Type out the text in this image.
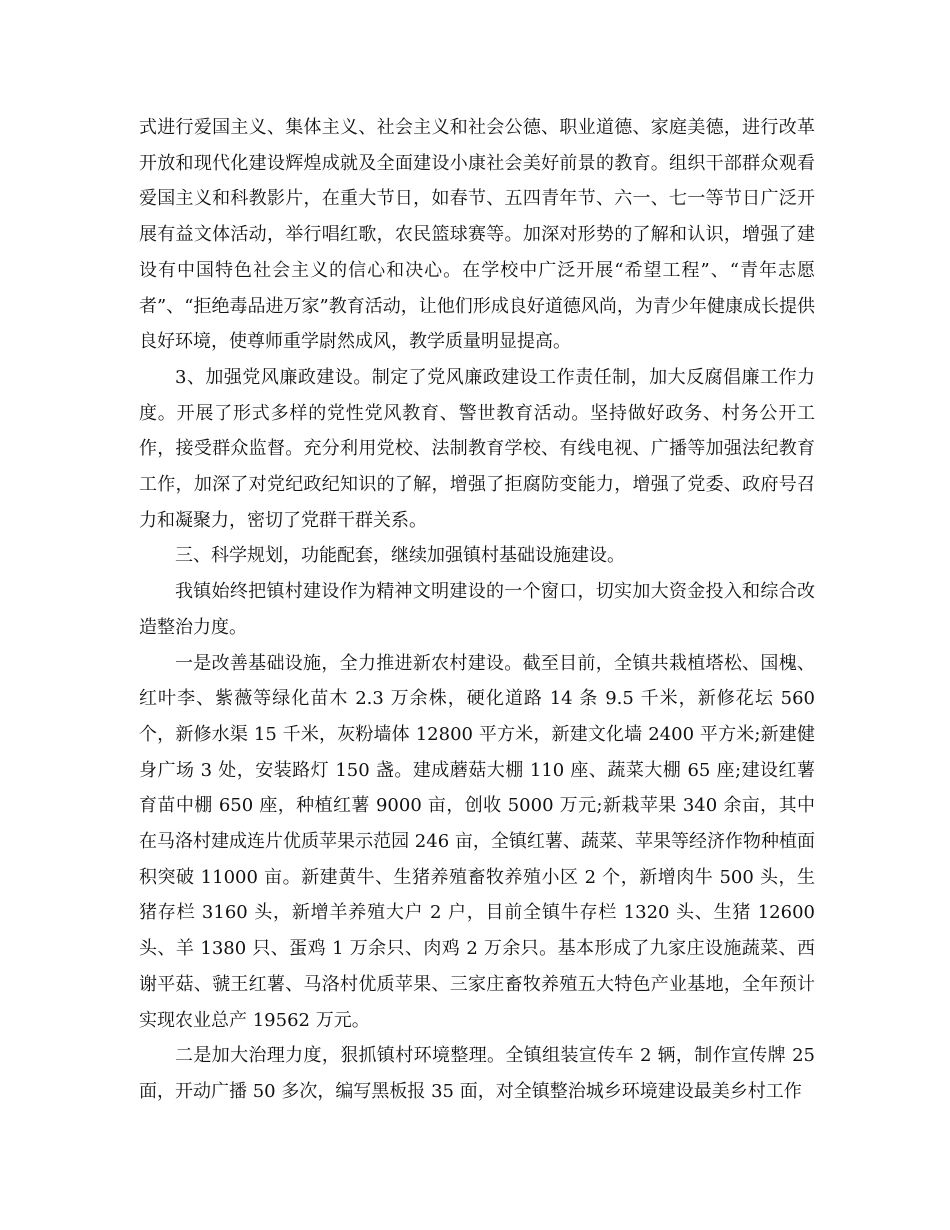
式进行爱国主义、集体主义、社会主义和社会公德、职业道德、家庭美德，进行改革开放和现代化建设辉煌成就及全面建设小康社会美好前景的教育。组织干部群众观看爱国主义和科教影片，在重大节日，如春节、五四青年节、六一、七一等节日广泛开展有益文体活动，举行唱红歌，农民篮球赛等。加深对形势的了解和认识，增强了建设有中国特色社会主义的信心和决心。在学校中广泛开展“希望工程”、“青年志愿者”、“拒绝毒品进万家”教育活动，让他们形成良好道德风尚，为青少年健康成长提供良好环境，使尊师重学尉然成风，教学质量明显提高。

3、加强党风廉政建设。制定了党风廉政建设工作责任制，加大反腐倡廉工作力度。开展了形式多样的党性党风教育、警世教育活动。坚持做好政务、村务公开工作，接受群众监督。充分利用党校、法制教育学校、有线电视、广播等加强法纪教育工作，加深了对党纪政纪知识的了解，增强了拒腐防变能力，增强了党委、政府号召力和凝聚力，密切了党群干群关系。

三、科学规划，功能配套，继续加强镇村基础设施建设。

我镇始终把镇村建设作为精神文明建设的一个窗口，切实加大资金投入和综合改造整治力度。

一是改善基础设施，全力推进新农村建设。截至目前，全镇共栽植塔松、国槐、红叶李、紫薇等绿化苗木 2.3 万余株，硬化道路 14 条 9.5 千米，新修花坛 560 个，新修水渠 15 千米，灰粉墙体 12800 平方米，新建文化墙 2400 平方米;新建健身广场 3 处，安装路灯 150 盏。建成蘑菇大棚 110 座、蔬菜大棚 65 座;建设红薯育苗中棚 650 座，种植红薯 9000 亩，创收 5000 万元;新栽苹果 340 余亩，其中在马洛村建成连片优质苹果示范园 246 亩，全镇红薯、蔬菜、苹果等经济作物种植面积突破 11000 亩。新建黄牛、生猪养殖畜牧养殖小区 2 个，新增肉牛 500 头，生猪存栏 3160 头，新增羊养殖大户 2 户，目前全镇牛存栏 1320 头、生猪 12600 头、羊 1380 只、蛋鸡 1 万余只、肉鸡 2 万余只。基本形成了九家庄设施蔬菜、西谢平菇、虢王红薯、马洛村优质苹果、三家庄畜牧养殖五大特色产业基地，全年预计实现农业总产 19562 万元。

二是加大治理力度，狠抓镇村环境整理。全镇组装宣传车 2 辆，制作宣传牌 25 面，开动广播 50 多次，编写黑板报 35 面，对全镇整治城乡环境建设最美乡村工作
